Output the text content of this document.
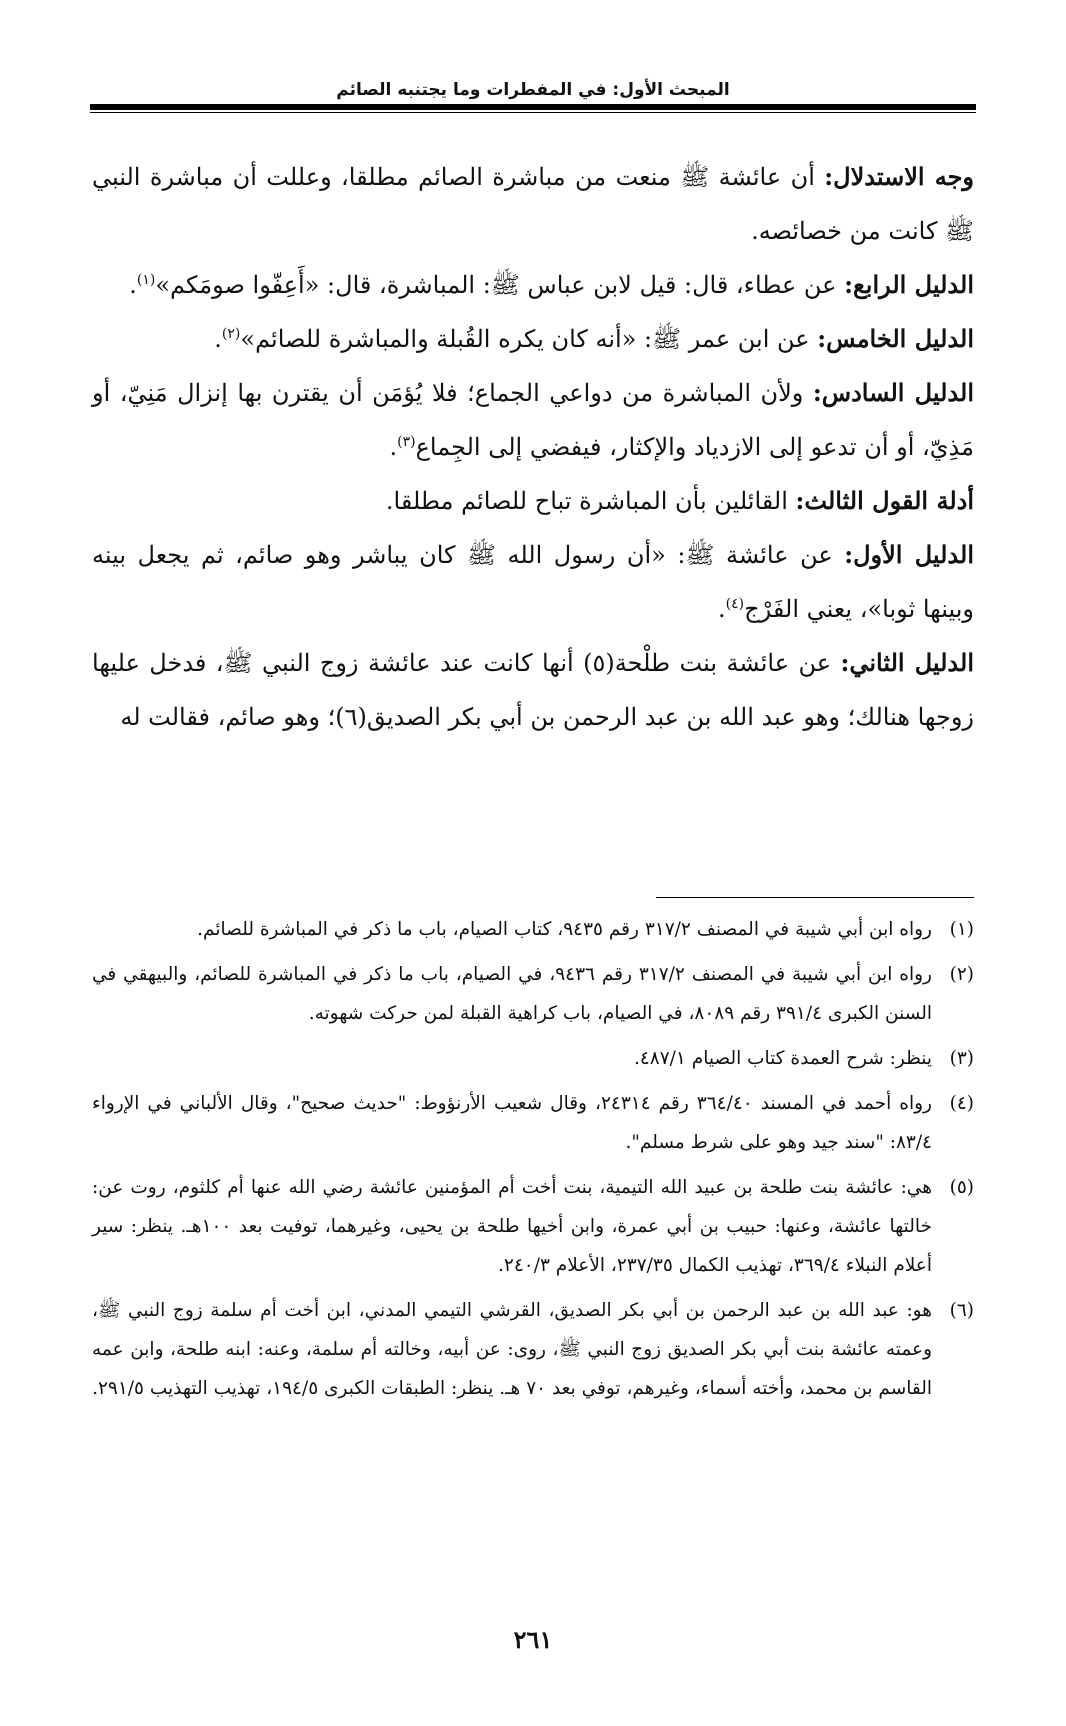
المبحث الأول: في المفطرات وما يجتنبه الصائم

وجه الاستدلال: أن عائشة ﷺ منعت من مباشرة الصائم مطلقا، وعللت أن مباشرة النبي ﷺ كانت من خصائصه.

الدليل الرابع: عن عطاء، قال: قيل لابن عباس ﷺ: المباشرة، قال: «أَعِفّوا صومَكم»$^{(١)}$.

الدليل الخامس: عن ابن عمر ﷺ: «أنه كان يكره القُبلة والمباشرة للصائم»$^{(٢)}$.

الدليل السادس: ولأن المباشرة من دواعي الجماع؛ فلا يُؤمَن أن يقترن بها إنزال مَنِيّ، أو مَذِيّ، أو أن تدعو إلى الازدياد والإكثار، فيفضي إلى الجِماع$^{(٣)}$.

أدلة القول الثالث: القائلين بأن المباشرة تباح للصائم مطلقا.

الدليل الأول: عن عائشة ﷺ: «أن رسول الله ﷺ كان يباشر وهو صائم، ثم يجعل بينه وبينها ثوبا»، يعني الفَرْج$^{(٤)}$.

الدليل الثاني: عن عائشة بنت طلْحة(٥) أنها كانت عند عائشة زوج النبي ﷺ، فدخل عليها زوجها هنالك؛ وهو عبد الله بن عبد الرحمن بن أبي بكر الصديق(٦)؛ وهو صائم، فقالت له

(١)
رواه ابن أبي شيبة في المصنف ٣١٧/٢ رقم ٩٤٣٥، كتاب الصيام، باب ما ذكر في المباشرة للصائم.

(٢)
رواه ابن أبي شيبة في المصنف ٣١٧/٢ رقم ٩٤٣٦، في الصيام، باب ما ذكر في المباشرة للصائم، والبيهقي في السنن الكبرى ٣٩١/٤ رقم ٨٠٨٩، في الصيام، باب كراهية القبلة لمن حركت شهوته.

(٣)
ينظر: شرح العمدة كتاب الصيام ٤٨٧/١.

(٤)
رواه أحمد في المسند ٣٦٤/٤٠ رقم ٢٤٣١٤، وقال شعيب الأرنؤوط: "حديث صحيح"، وقال الألباني في الإرواء ٨٣/٤: "سند جيد وهو على شرط مسلم".

(٥)
هي: عائشة بنت طلحة بن عبيد الله التيمية، بنت أخت أم المؤمنين عائشة رضي الله عنها أم كلثوم، روت عن: خالتها عائشة، وعنها: حبيب بن أبي عمرة، وابن أخيها طلحة بن يحيى، وغيرهما، توفيت بعد ١٠٠هـ. ينظر: سير أعلام النبلاء ٣٦٩/٤، تهذيب الكمال ٢٣٧/٣٥، الأعلام ٢٤٠/٣.

(٦)
هو: عبد الله بن عبد الرحمن بن أبي بكر الصديق، القرشي التيمي المدني، ابن أخت أم سلمة زوج النبي ﷺ، وعمته عائشة بنت أبي بكر الصديق زوج النبي ﷺ، روى: عن أبيه، وخالته أم سلمة، وعنه: ابنه طلحة، وابن عمه القاسم بن محمد، وأخته أسماء، وغيرهم، توفي بعد ٧٠ هـ. ينظر: الطبقات الكبرى ١٩٤/٥، تهذيب التهذيب ٢٩١/٥.

٢٦١
